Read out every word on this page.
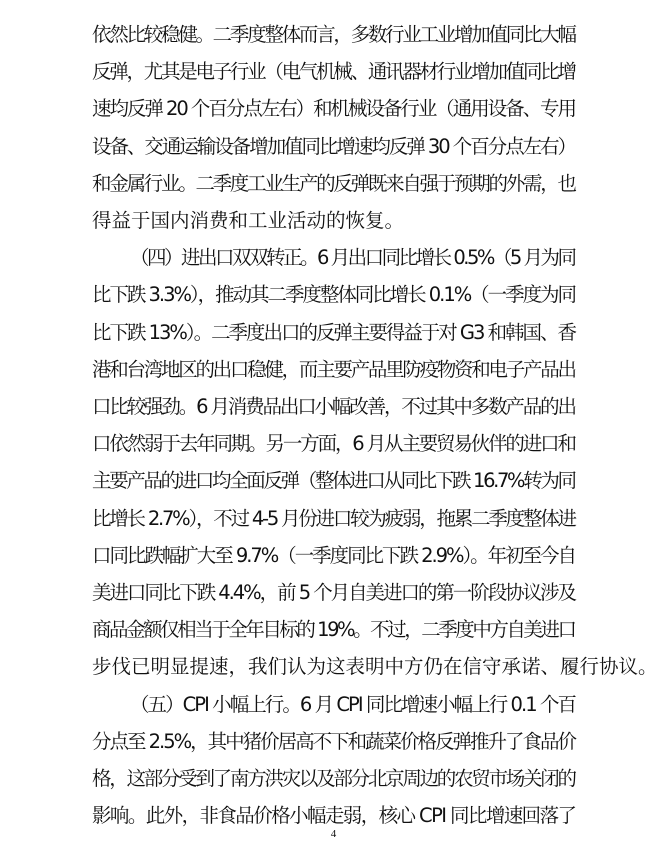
依然比较稳健。二季度整体而言，多数行业工业增加值同比大幅
反弹，尤其是电子行业（电气机械、通讯器材行业增加值同比增
速均反弹 20 个百分点左右）和机械设备行业（通用设备、专用
设备、交通运输设备增加值同比增速均反弹 30 个百分点左右）
和金属行业。二季度工业生产的反弹既来自强于预期的外需，也
得益于国内消费和工业活动的恢复。
（四）进出口双双转正。6 月出口同比增长 0.5%（5 月为同
比下跌 3.3%），推动其二季度整体同比增长 0.1%（一季度为同
比下跌 13%）。二季度出口的反弹主要得益于对 G3 和韩国、香
港和台湾地区的出口稳健，而主要产品里防疫物资和电子产品出
口比较强劲。6 月消费品出口小幅改善，不过其中多数产品的出
口依然弱于去年同期。另一方面，6 月从主要贸易伙伴的进口和
主要产品的进口均全面反弹（整体进口从同比下跌 16.7%转为同
比增长 2.7%），不过 4-5 月份进口较为疲弱，拖累二季度整体进
口同比跌幅扩大至 9.7%（一季度同比下跌 2.9%）。年初至今自
美进口同比下跌 4.4%，前 5 个月自美进口的第一阶段协议涉及
商品金额仅相当于全年目标的 19%。不过，二季度中方自美进口
步伐已明显提速，我们认为这表明中方仍在信守承诺、履行协议。
（五）CPI 小幅上行。6 月 CPI 同比增速小幅上行 0.1 个百
分点至 2.5%，其中猪价居高不下和蔬菜价格反弹推升了食品价
格，这部分受到了南方洪灾以及部分北京周边的农贸市场关闭的
影响。此外，非食品价格小幅走弱，核心 CPI 同比增速回落了
4
